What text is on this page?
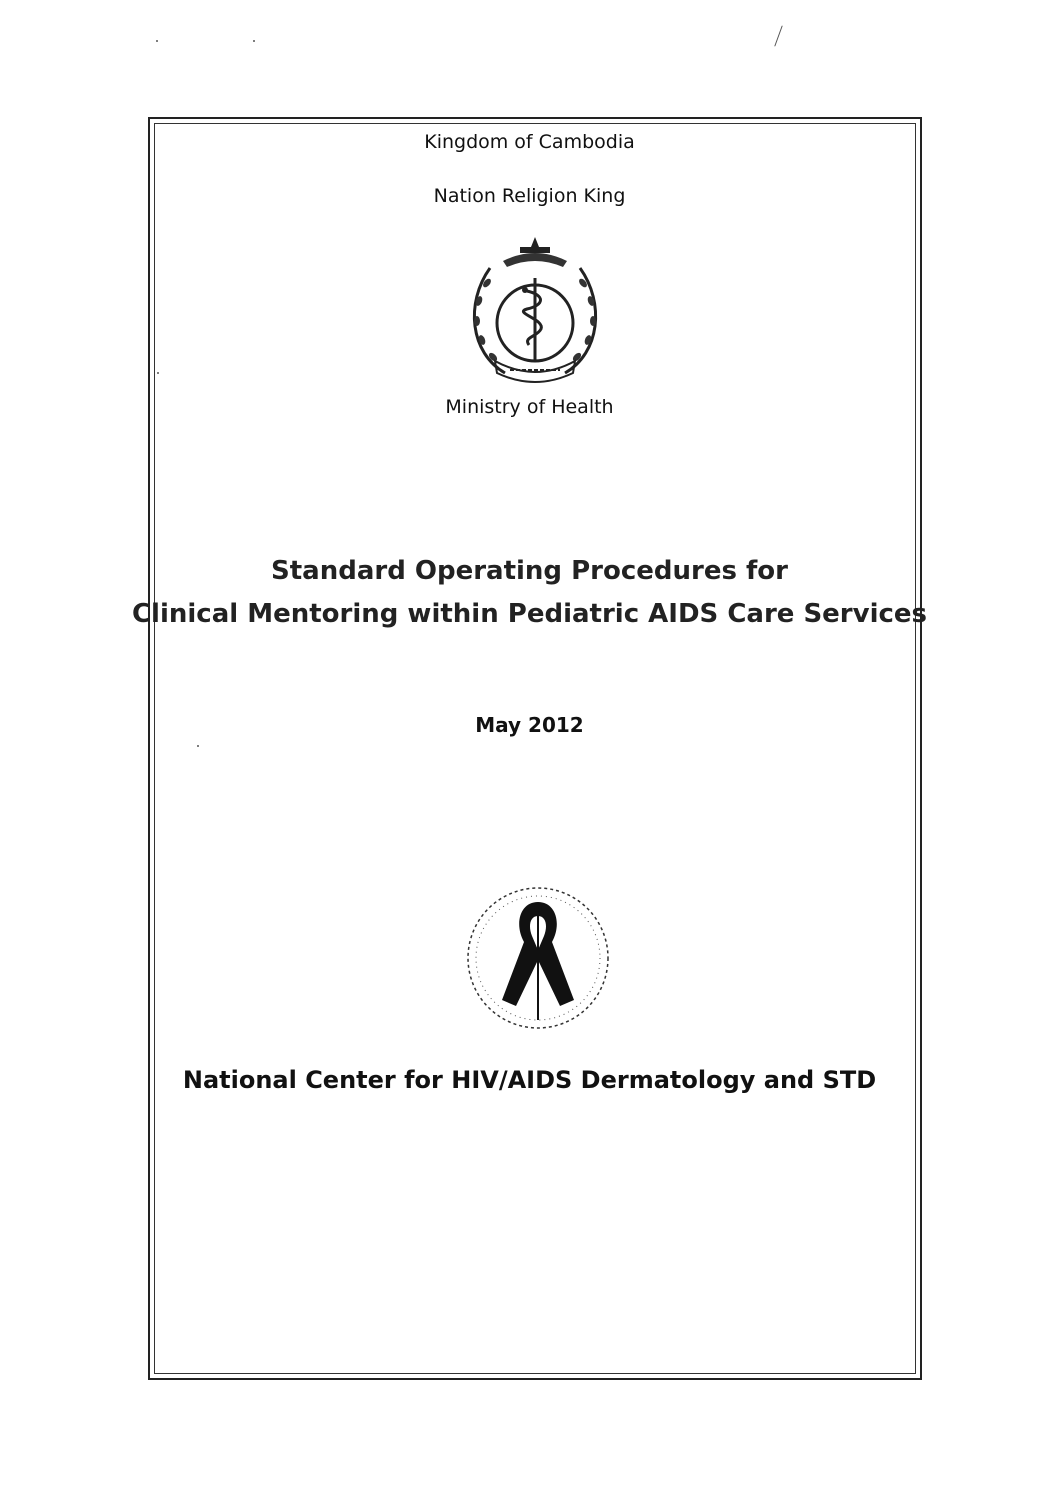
Kingdom of Cambodia

Nation Religion King

Ministry of Health

Standard Operating Procedures for

Clinical Mentoring within Pediatric AIDS Care Services

May 2012

National Center for HIV/AIDS Dermatology and STD
